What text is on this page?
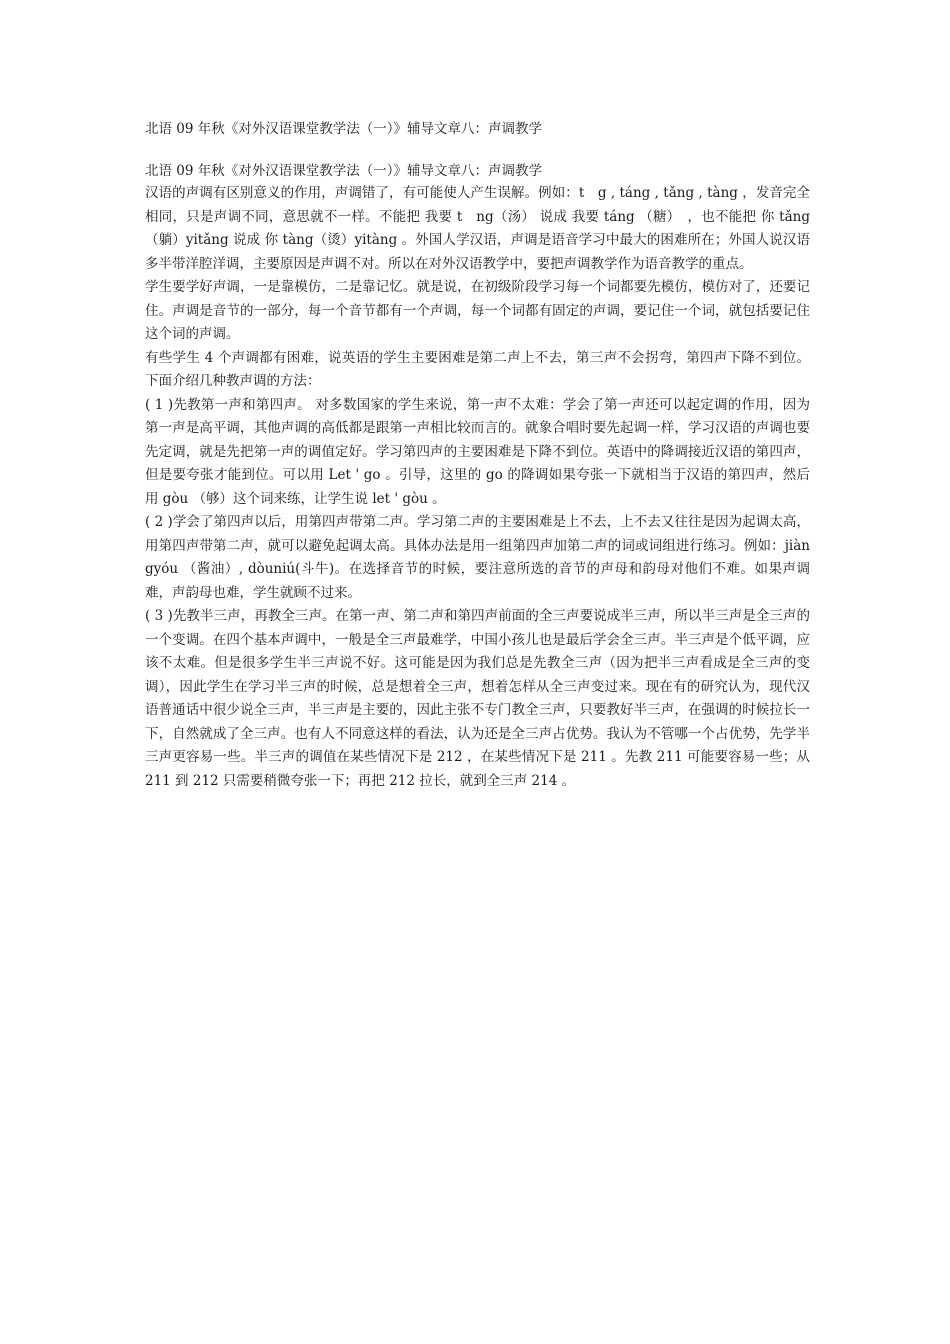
北语 09 年秋《对外汉语课堂教学法（一）》辅导文章八：声调教学

北语 09 年秋《对外汉语课堂教学法（一）》辅导文章八：声调教学

汉语的声调有区别意义的作用，声调错了，有可能使人产生误解。例如：t　g , táng , tǎng , tàng ，发音完全相同，只是声调不同，意思就不一样。不能把 我要 t　ng（汤） 说成 我要 táng （糖）　，也不能把 你 tǎng （躺）yitǎng 说成 你 tàng（烫）yitàng 。外国人学汉语，声调是语音学习中最大的困难所在；外国人说汉语多半带洋腔洋调，主要原因是声调不对。所以在对外汉语教学中，要把声调教学作为语音教学的重点。

学生要学好声调，一是靠模仿，二是靠记忆。就是说，在初级阶段学习每一个词都要先模仿，模仿对了，还要记住。声调是音节的一部分，每一个音节都有一个声调，每一个词都有固定的声调，要记住一个词，就包括要记住这个词的声调。

有些学生 4 个声调都有困难，说英语的学生主要困难是第二声上不去，第三声不会拐弯，第四声下降不到位。下面介绍几种教声调的方法：

( 1 )先教第一声和第四声。 对多数国家的学生来说，第一声不太难：学会了第一声还可以起定调的作用，因为第一声是高平调，其他声调的高低都是跟第一声相比较而言的。就象合唱时要先起调一样，学习汉语的声调也要先定调，就是先把第一声的调值定好。学习第四声的主要困难是下降不到位。英语中的降调接近汉语的第四声，但是要夸张才能到位。可以用 Let ' go 。引导，这里的 go 的降调如果夸张一下就相当于汉语的第四声，然后用 gòu （够）这个词来练，让学生说 let ' gòu 。

( 2 )学会了第四声以后，用第四声带第二声。学习第二声的主要困难是上不去，上不去又往往是因为起调太高，用第四声带第二声，就可以避免起调太高。具体办法是用一组第四声加第二声的词或词组进行练习。例如：jiàngyóu （酱油）, dòuniú(斗牛)。在选择音节的时候，要注意所选的音节的声母和韵母对他们不难。如果声调难，声韵母也难，学生就顾不过来。

( 3 )先教半三声，再教全三声。在第一声、第二声和第四声前面的全三声要说成半三声，所以半三声是全三声的一个变调。在四个基本声调中，一般是全三声最难学，中国小孩儿也是最后学会全三声。半三声是个低平调，应该不太难。但是很多学生半三声说不好。这可能是因为我们总是先教全三声（因为把半三声看成是全三声的变调），因此学生在学习半三声的时候，总是想着全三声，想着怎样从全三声变过来。现在有的研究认为，现代汉语普通话中很少说全三声，半三声是主要的，因此主张不专门教全三声，只要教好半三声，在强调的时候拉长一下，自然就成了全三声。也有人不同意这样的看法，认为还是全三声占优势。我认为不管哪一个占优势，先学半三声更容易一些。半三声的调值在某些情况下是 212 ，在某些情况下是 211 。先教 211 可能要容易一些；从 211 到 212 只需要稍微夸张一下；再把 212 拉长，就到全三声 214 。
